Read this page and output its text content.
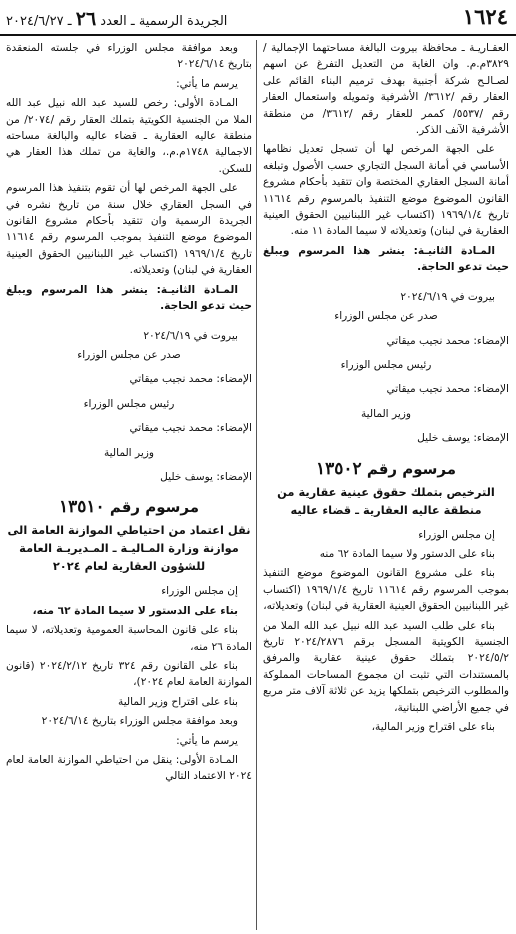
١٦٢٤
الجريدة الرسمية ـ العدد ٢٦ ـ ٢٠٢٤/٦/٢٧

العقـاريـة ـ محافظة بيروت البالغة مساحتهما الإجمالية /٣٨٢٩م.م. وان الغاية من التعديل التفرغ عن اسهم لصـالـح شركة أجنبية بهدف ترميم البناء القائم على العقار رقم /٣٦١٢/ الأشرفية وتمويله واستعمال العقار رقم /٥٥٣٧/ كممر للعقار رقم /٣٦١٢/ من منطقة الأشرفية الآنف الذكر.

على الجهة المرخص لها أن تسجل تعديل نظامها الأساسي في أمانة السجل التجاري حسب الأصول وتبلغه أمانة السجل العقاري المختصة وان تتقيد بأحكام مشروع القانون الموضوع موضع التنفيذ بالمرسوم رقم ١١٦١٤ تاريخ ١٩٦٩/١/٤ (اكتساب غير اللبنانيين الحقوق العينية العقارية في لبنان) وتعديلاته لا سيما المادة ١١ منه.

المـادة الثانيـة: ينشر هذا المرسوم ويبلغ حيث تدعو الحاجة.

بيروت في ٢٠٢٤/٦/١٩

صدر عن مجلس الوزراء

الإمضاء: محمد نجيب ميقاتي

رئيس مجلس الوزراء

الإمضاء: محمد نجيب ميقاتي

وزير المالية

الإمضاء: يوسف خليل

مرسوم رقم ١٣٥٠٢
الترخيص بتملك حقوق عينية عقارية من منطقة عاليه العقارية ـ قضاء عاليه

إن مجلس الوزراء

بناء على الدستور ولا سيما المادة ٦٢ منه

بناء على مشروع القانون الموضوع موضع التنفيذ بموجب المرسوم رقم ١١٦١٤ تاريخ ١٩٦٩/١/٤ (اكتساب غير اللبنانيين الحقوق العينية العقارية في لبنان) وتعديلاته،

بناء على طلب السيد عبد الله نبيل عبد الله الملا من الجنسية الكويتية المسجل برقم ٢٠٢٤/٢٨٧٦ تاريخ ٢٠٢٤/٥/٢ بتملك حقوق عينية عقارية والمرفق بالمستندات التي تثبت ان مجموع المساحات المملوكة والمطلوب الترخيص بتملكها يزيد عن ثلاثة آلاف متر مربع في جميع الأراضي اللبنانية،

بناء على اقتراح وزير المالية،

وبعد موافقة مجلس الوزراء في جلسته المنعقدة بتاريخ ٢٠٢٤/٦/١٤

يرسم ما يأتي:

المـادة الأولى: رخص للسيد عبد الله نبيل عبد الله الملا من الجنسية الكويتية بتملك العقار رقم /٢٠٧٤/ من منطقة عاليه العقارية ـ قضاء عاليه والبالغة مساحته الاجمالية ١٧٤٨م.م.، والغاية من تملك هذا العقار هي للسكن.

على الجهة المرخص لها أن تقوم بتنفيذ هذا المرسوم في السجل العقاري خلال سنة من تاريخ نشره في الجريدة الرسمية وان تتقيد بأحكام مشروع القانون الموضوع موضع التنفيذ بموجب المرسوم رقم ١١٦١٤ تاريخ ١٩٦٩/١/٤ (اكتساب غير اللبنانيين الحقوق العينية العقارية في لبنان) وتعديلاته.

المـادة الثانيـة: ينشر هذا المرسوم ويبلغ حيث تدعو الحاجة.

بيروت في ٢٠٢٤/٦/١٩

صدر عن مجلس الوزراء

الإمضاء: محمد نجيب ميقاتي

رئيس مجلس الوزراء

الإمضاء: محمد نجيب ميقاتي

وزير المالية

الإمضاء: يوسف خليل

مرسوم رقم ١٣٥١٠
نقل اعتماد من احتياطي الموازنة العامة الى موازنة وزارة المـاليـة ـ المـديريـة العامة للشؤون العقارية لعام ٢٠٢٤

إن مجلس الوزراء

بناء على الدستور لا سيما المادة ٦٢ منه،

بناء على قانون المحاسبة العمومية وتعديلاته، لا سيما المادة ٢٦ منه،

بناء على القانون رقم ٣٢٤ تاريخ ٢٠٢٤/٢/١٢ (قانون الموازنة العامة لعام ٢٠٢٤)،

بناء على اقتراح وزير المالية

وبعد موافقة مجلس الوزراء بتاريخ ٢٠٢٤/٦/١٤

يرسم ما يأتي:

المـادة الأولى: ينقل من احتياطي الموازنة العامة لعام ٢٠٢٤ الاعتماد التالي
